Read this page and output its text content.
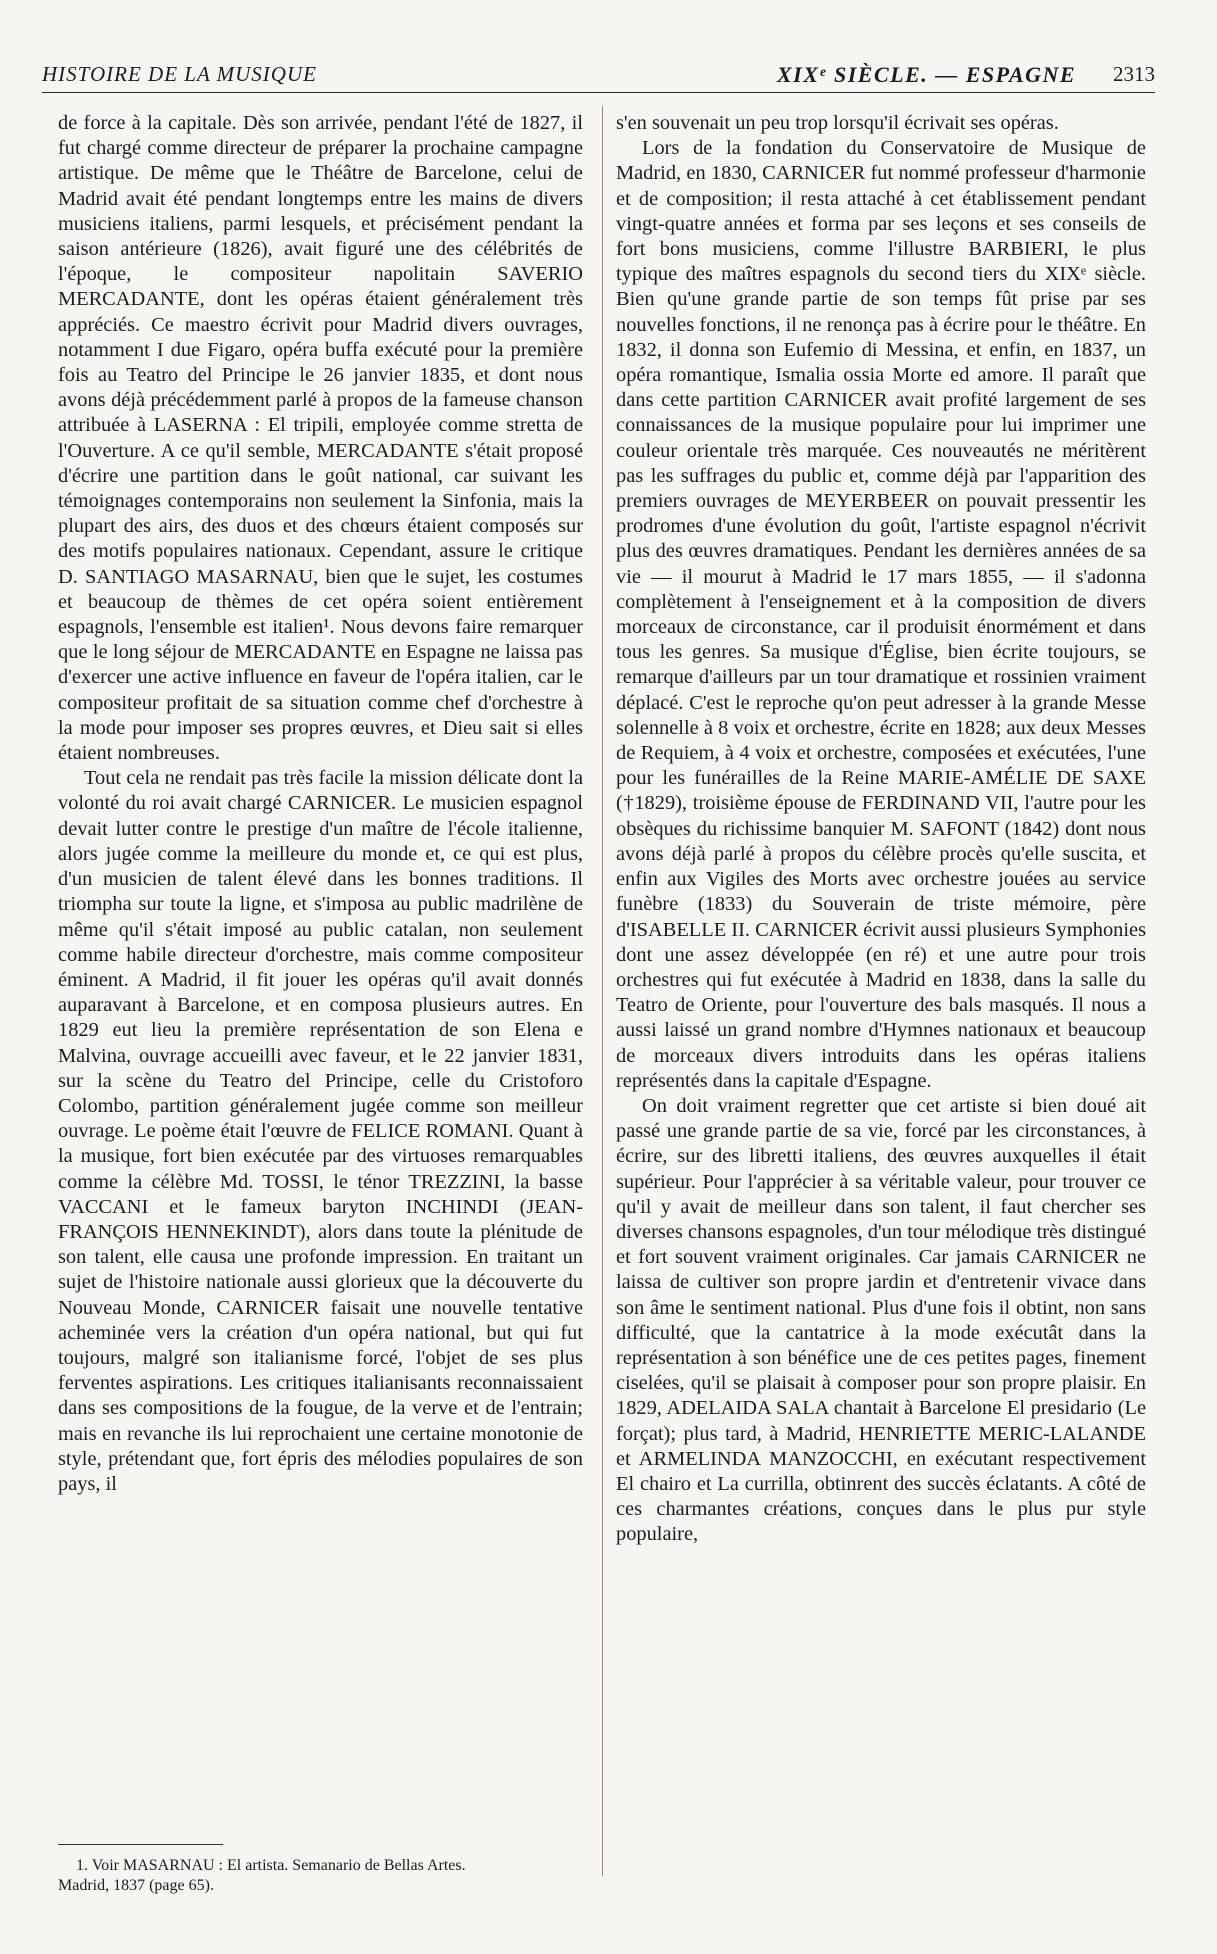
HISTOIRE DE LA MUSIQUE	XIXᵉ SIÈCLE. — ESPAGNE 2313

de force à la capitale. Dès son arrivée, pendant l'été de 1827, il fut chargé comme directeur de préparer la prochaine campagne artistique. De même que le Théâtre de Barcelone, celui de Madrid avait été pendant longtemps entre les mains de divers musiciens italiens, parmi lesquels, et précisément pendant la saison antérieure (1826), avait figuré une des célébrités de l'époque, le compositeur napolitain SAVERIO MERCADANTE, dont les opéras étaient généralement très appréciés. Ce maestro écrivit pour Madrid divers ouvrages, notamment I due Figaro, opéra buffa exécuté pour la première fois au Teatro del Principe le 26 janvier 1835, et dont nous avons déjà précédemment parlé à propos de la fameuse chanson attribuée à LASERNA : El tripili, employée comme stretta de l'Ouverture. A ce qu'il semble, MERCADANTE s'était proposé d'écrire une partition dans le goût national, car suivant les témoignages contemporains non seulement la Sinfonia, mais la plupart des airs, des duos et des chœurs étaient composés sur des motifs populaires nationaux. Cependant, assure le critique D. SANTIAGO MASARNAU, bien que le sujet, les costumes et beaucoup de thèmes de cet opéra soient entièrement espagnols, l'ensemble est italien¹. Nous devons faire remarquer que le long séjour de MERCADANTE en Espagne ne laissa pas d'exercer une active influence en faveur de l'opéra italien, car le compositeur profitait de sa situation comme chef d'orchestre à la mode pour imposer ses propres œuvres, et Dieu sait si elles étaient nombreuses.

Tout cela ne rendait pas très facile la mission délicate dont la volonté du roi avait chargé CARNICER. Le musicien espagnol devait lutter contre le prestige d'un maître de l'école italienne, alors jugée comme la meilleure du monde et, ce qui est plus, d'un musicien de talent élevé dans les bonnes traditions. Il triompha sur toute la ligne, et s'imposa au public madrilène de même qu'il s'était imposé au public catalan, non seulement comme habile directeur d'orchestre, mais comme compositeur éminent. A Madrid, il fit jouer les opéras qu'il avait donnés auparavant à Barcelone, et en composa plusieurs autres. En 1829 eut lieu la première représentation de son Elena e Malvina, ouvrage accueilli avec faveur, et le 22 janvier 1831, sur la scène du Teatro del Principe, celle du Cristoforo Colombo, partition généralement jugée comme son meilleur ouvrage. Le poème était l'œuvre de FELICE ROMANI. Quant à la musique, fort bien exécutée par des virtuoses remarquables comme la célèbre Md. TOSSI, le ténor TREZZINI, la basse VACCANI et le fameux baryton INCHINDI (JEAN-FRANÇOIS HENNEKINDT), alors dans toute la plénitude de son talent, elle causa une profonde impression. En traitant un sujet de l'histoire nationale aussi glorieux que la découverte du Nouveau Monde, CARNICER faisait une nouvelle tentative acheminée vers la création d'un opéra national, but qui fut toujours, malgré son italianisme forcé, l'objet de ses plus ferventes aspirations. Les critiques italianisants reconnaissaient dans ses compositions de la fougue, de la verve et de l'entrain; mais en revanche ils lui reprochaient une certaine monotonie de style, prétendant que, fort épris des mélodies populaires de son pays, il

s'en souvenait un peu trop lorsqu'il écrivait ses opéras.

Lors de la fondation du Conservatoire de Musique de Madrid, en 1830, CARNICER fut nommé professeur d'harmonie et de composition; il resta attaché à cet établissement pendant vingt-quatre années et forma par ses leçons et ses conseils de fort bons musiciens, comme l'illustre BARBIERI, le plus typique des maîtres espagnols du second tiers du XIXᵉ siècle. Bien qu'une grande partie de son temps fût prise par ses nouvelles fonctions, il ne renonça pas à écrire pour le théâtre. En 1832, il donna son Eufemio di Messina, et enfin, en 1837, un opéra romantique, Ismalia ossia Morte ed amore. Il paraît que dans cette partition CARNICER avait profité largement de ses connaissances de la musique populaire pour lui imprimer une couleur orientale très marquée. Ces nouveautés ne méritèrent pas les suffrages du public et, comme déjà par l'apparition des premiers ouvrages de MEYERBEER on pouvait pressentir les prodromes d'une évolution du goût, l'artiste espagnol n'écrivit plus des œuvres dramatiques. Pendant les dernières années de sa vie — il mourut à Madrid le 17 mars 1855, — il s'adonna complètement à l'enseignement et à la composition de divers morceaux de circonstance, car il produisit énormément et dans tous les genres. Sa musique d'Église, bien écrite toujours, se remarque d'ailleurs par un tour dramatique et rossinien vraiment déplacé. C'est le reproche qu'on peut adresser à la grande Messe solennelle à 8 voix et orchestre, écrite en 1828; aux deux Messes de Requiem, à 4 voix et orchestre, composées et exécutées, l'une pour les funérailles de la Reine MARIE-AMÉLIE DE SAXE (†1829), troisième épouse de FERDINAND VII, l'autre pour les obsèques du richissime banquier M. SAFONT (1842) dont nous avons déjà parlé à propos du célèbre procès qu'elle suscita, et enfin aux Vigiles des Morts avec orchestre jouées au service funèbre (1833) du Souverain de triste mémoire, père d'ISABELLE II. CARNICER écrivit aussi plusieurs Symphonies dont une assez développée (en ré) et une autre pour trois orchestres qui fut exécutée à Madrid en 1838, dans la salle du Teatro de Oriente, pour l'ouverture des bals masqués. Il nous a aussi laissé un grand nombre d'Hymnes nationaux et beaucoup de morceaux divers introduits dans les opéras italiens représentés dans la capitale d'Espagne.

On doit vraiment regretter que cet artiste si bien doué ait passé une grande partie de sa vie, forcé par les circonstances, à écrire, sur des libretti italiens, des œuvres auxquelles il était supérieur. Pour l'apprécier à sa véritable valeur, pour trouver ce qu'il y avait de meilleur dans son talent, il faut chercher ses diverses chansons espagnoles, d'un tour mélodique très distingué et fort souvent vraiment originales. Car jamais CARNICER ne laissa de cultiver son propre jardin et d'entretenir vivace dans son âme le sentiment national. Plus d'une fois il obtint, non sans difficulté, que la cantatrice à la mode exécutât dans la représentation à son bénéfice une de ces petites pages, finement ciselées, qu'il se plaisait à composer pour son propre plaisir. En 1829, ADELAIDA SALA chantait à Barcelone El presidario (Le forçat); plus tard, à Madrid, HENRIETTE MERIC-LALANDE et ARMELINDA MANZOCCHI, en exécutant respectivement El chairo et La currilla, obtinrent des succès éclatants. A côté de ces charmantes créations, conçues dans le plus pur style populaire,

1. Voir MASARNAU : El artista. Semanario de Bellas Artes.
Madrid, 1837 (page 65).
